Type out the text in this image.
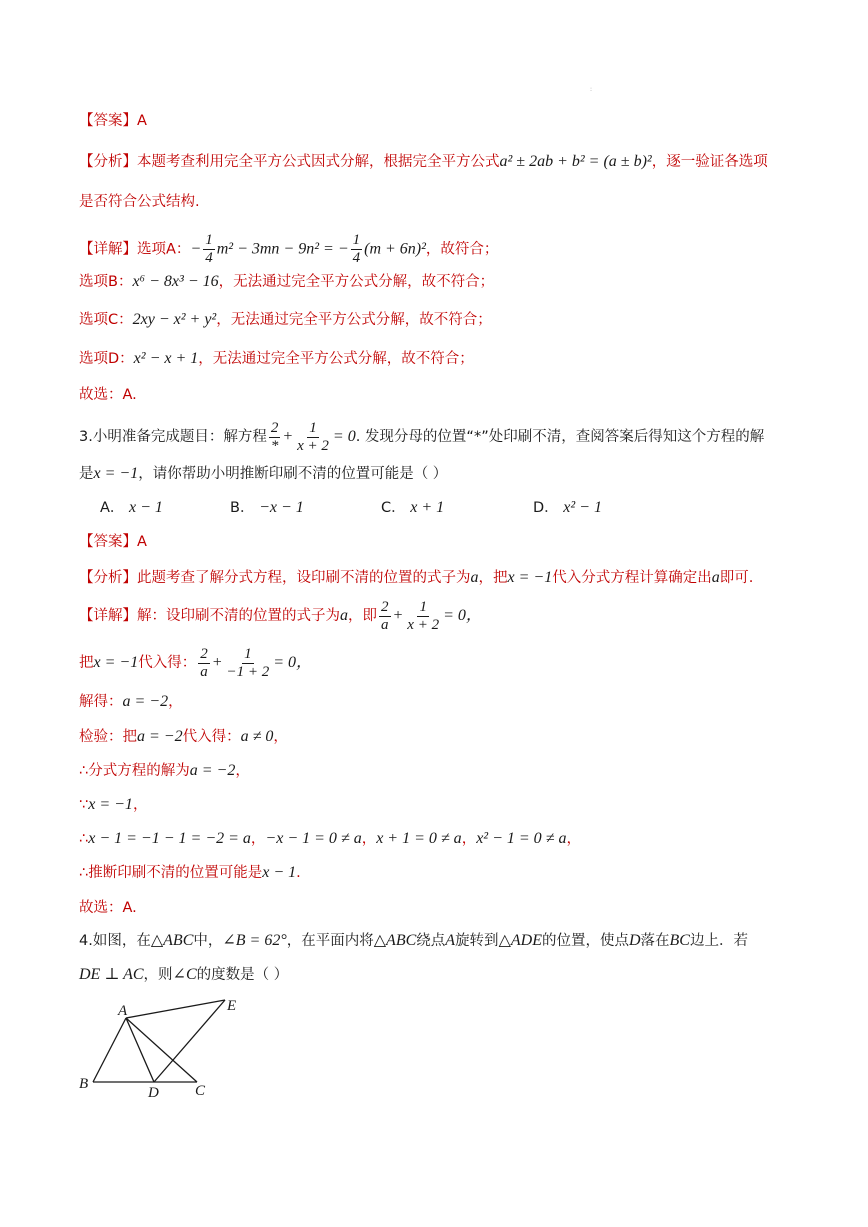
:
【答案】A
【分析】本题考查利用完全平方公式因式分解，根据完全平方公式a² ± 2ab + b² = (a ± b)²，逐一验证各选项
是否符合公式结构.
【详解】选项A：− $\frac{1}{4} m^2 - 3mn - 9n^2$ = − $\frac{1}{4} (m + 6n)^2$，故符合；
选项B：x⁶ − 8x³ − 16，无法通过完全平方公式分解，故不符合；
选项C：2xy − x² + y²，无法通过完全平方公式分解，故不符合；
选项D：x² − x + 1，无法通过完全平方公式分解，故不符合；
故选：A.
3.小明准备完成题目：解方程 $\frac{2}{*} + \frac{1}{x + 2} = 0$. 发现分母的位置“*”处印刷不清，查阅答案后得知这个方程的解
是x = −1，请你帮助小明推断印刷不清的位置可能是（ ）
A． x − 1	B． −x − 1	C． x + 1	D． x² − 1
【答案】A
【分析】此题考查了解分式方程，设印刷不清的位置的式子为a，把x = −1代入分式方程计算确定出a即可.
【详解】解：设印刷不清的位置的式子为a，即 $\frac{2}{a} + \frac{1}{x + 2} = 0$，
把x = −1代入得： $\frac{2}{a} + \frac{1}{-1 + 2} = 0$，
解得：a = −2，
检验：把a = −2代入得：a ≠ 0，
∴分式方程的解为a = −2，
∵x = −1，
∴x − 1 = −1 − 1 = −2 = a，−x − 1 = 0 ≠ a，x + 1 = 0 ≠ a，x² − 1 = 0 ≠ a，
∴推断印刷不清的位置可能是x − 1.
故选：A.
4.如图，在△ABC中，∠B = 62°，在平面内将△ABC绕点A旋转到△ADE的位置，使点D落在BC边上．若
DE ⊥ AC，则∠C的度数是（ ）
A
B	C
D
E
